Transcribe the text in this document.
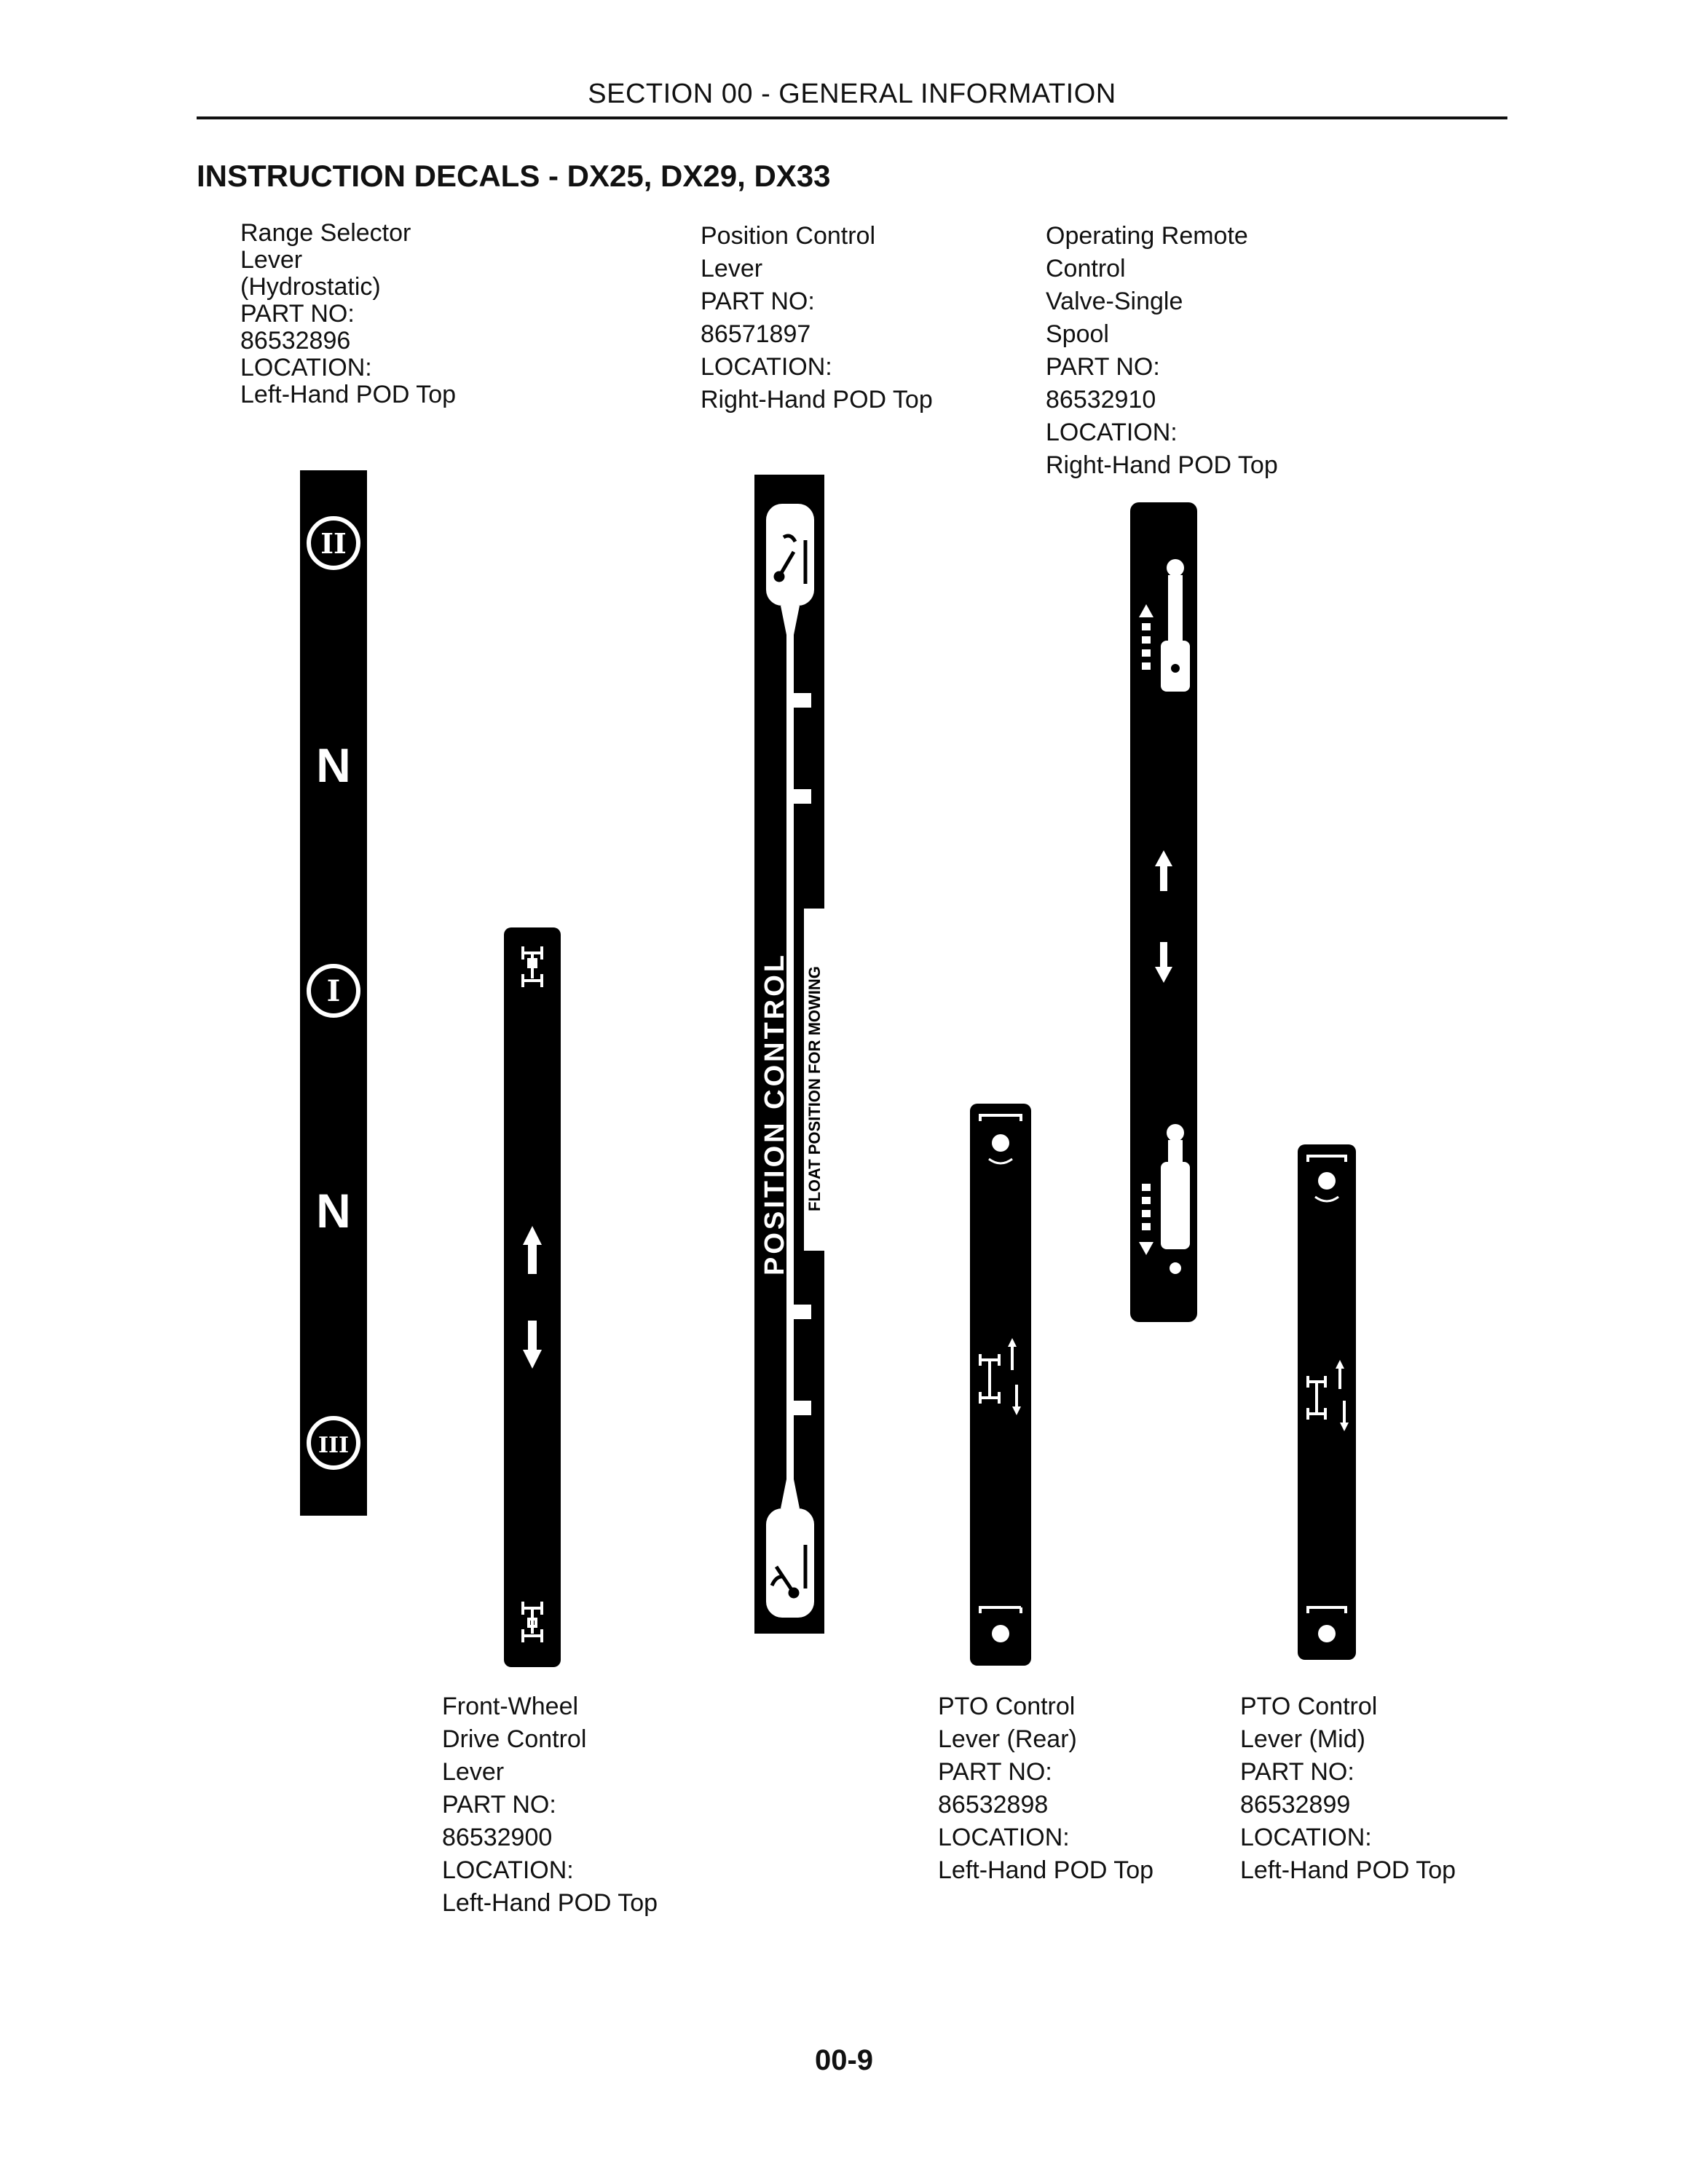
SECTION 00 - GENERAL INFORMATION
INSTRUCTION DECALS - DX25, DX29, DX33
Range Selector
Lever
(Hydrostatic)
PART NO:
86532896
LOCATION:
Left-Hand POD Top
Position Control
Lever
PART NO:
86571897
LOCATION:
Right-Hand POD Top
Operating Remote
Control
Valve-Single
Spool
PART NO:
86532910
LOCATION:
Right-Hand POD Top
Front-Wheel
Drive Control
Lever
PART NO:
86532900
LOCATION:
Left-Hand POD Top
PTO Control
Lever (Rear)
PART NO:
86532898
LOCATION:
Left-Hand POD Top
PTO Control
Lever (Mid)
PART NO:
86532899
LOCATION:
Left-Hand POD Top
II
N
I
N
III
POSITION CONTROL FLOAT POSITION FOR MOWING
00-9
